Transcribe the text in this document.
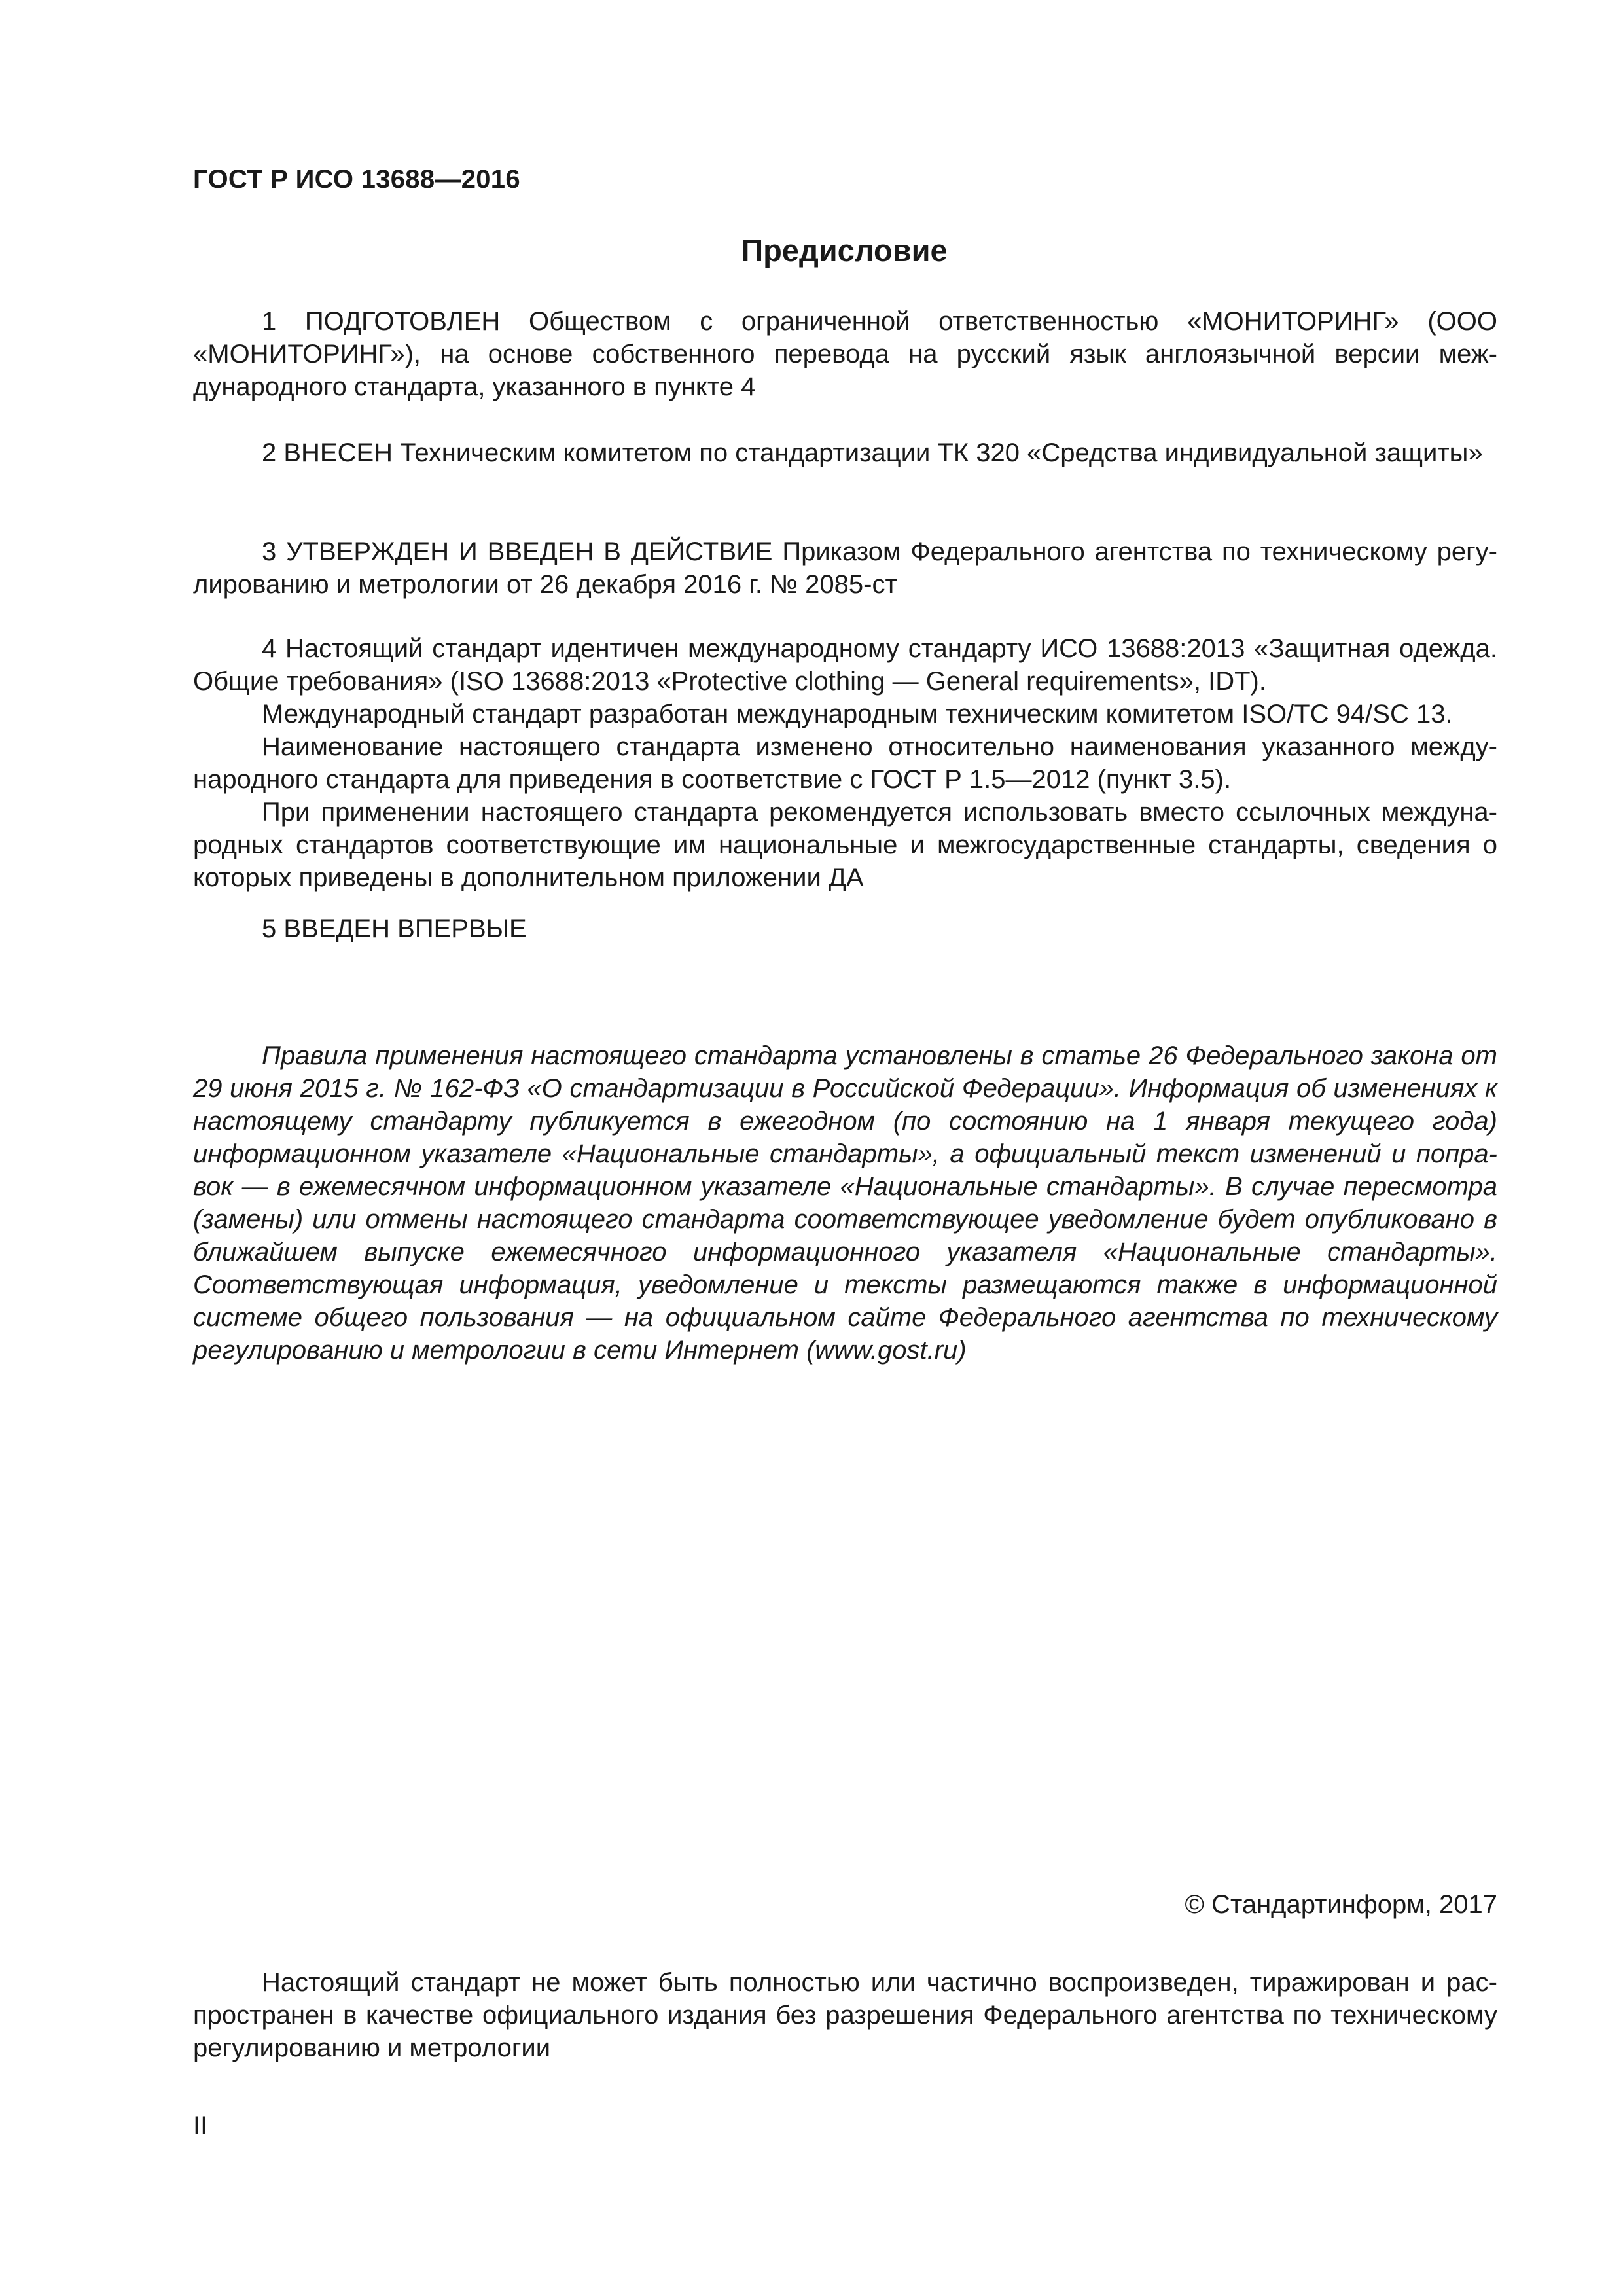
ГОСТ Р ИСО 13688—2016

Предисловие

1 ПОДГОТОВЛЕН Обществом с ограниченной ответственностью «МОНИТОРИНГ» (ООО «МОНИТОРИНГ»), на основе собственного перевода на русский язык англоязычной версии международного стандарта, указанного в пункте 4

2 ВНЕСЕН Техническим комитетом по стандартизации ТК 320 «Средства индивидуальной защиты»

3 УТВЕРЖДЕН И ВВЕДЕН В ДЕЙСТВИЕ Приказом Федерального агентства по техническому регулированию и метрологии от 26 декабря 2016 г. № 2085-ст

4 Настоящий стандарт идентичен международному стандарту ИСО 13688:2013 «Защитная одежда. Общие требования» (ISO 13688:2013 «Protective clothing — General requirements», IDT).

Международный стандарт разработан международным техническим комитетом ISO/TC 94/SC 13.

Наименование настоящего стандарта изменено относительно наименования указанного международного стандарта для приведения в соответствие с ГОСТ Р 1.5—2012 (пункт 3.5).

При применении настоящего стандарта рекомендуется использовать вместо ссылочных международных стандартов соответствующие им национальные и межгосударственные стандарты, сведения о которых приведены в дополнительном приложении ДА

5 ВВЕДЕН ВПЕРВЫЕ

Правила применения настоящего стандарта установлены в статье 26 Федерального закона от 29 июня 2015 г. № 162-ФЗ «О стандартизации в Российской Федерации». Информация об изменениях к настоящему стандарту публикуется в ежегодном (по состоянию на 1 января текущего года) информационном указателе «Национальные стандарты», а официальный текст изменений и поправок — в ежемесячном информационном указателе «Национальные стандарты». В случае пересмотра (замены) или отмены настоящего стандарта соответствующее уведомление будет опубликовано в ближайшем выпуске ежемесячного информационного указателя «Национальные стандарты». Соответствующая информация, уведомление и тексты размещаются также в информационной системе общего пользования — на официальном сайте Федерального агентства по техническому регулированию и метрологии в сети Интернет (www.gost.ru)

© Стандартинформ, 2017

Настоящий стандарт не может быть полностью или частично воспроизведен, тиражирован и распространен в качестве официального издания без разрешения Федерального агентства по техническому регулированию и метрологии

II
